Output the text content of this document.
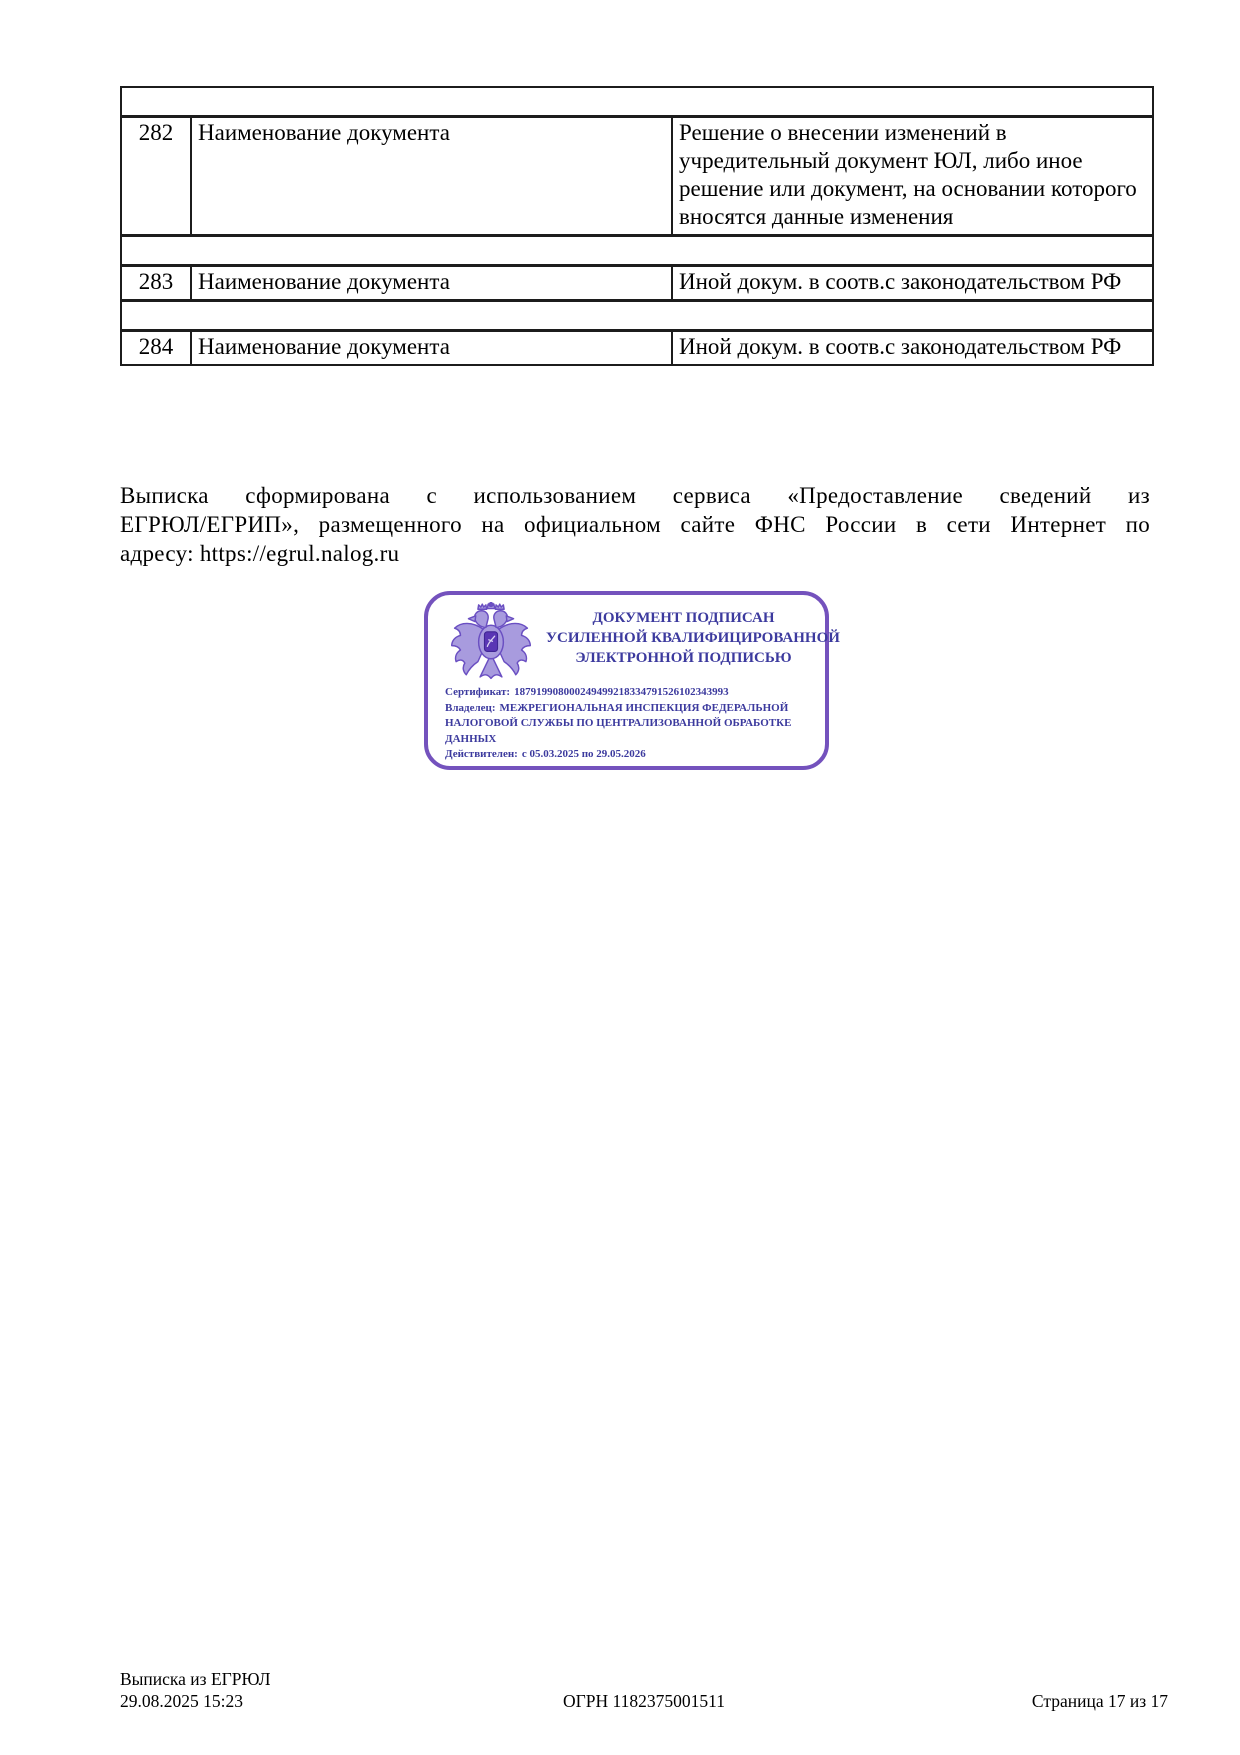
282	Наименование документа	Решение о внесении изменений в учредительный документ ЮЛ, либо иное решение или документ, на основании которого вносятся данные изменения

283	Наименование документа	Иной докум. в соотв.с законодательством РФ

284	Наименование документа	Иной докум. в соотв.с законодательством РФ
Выписка сформирована с использованием сервиса «Предоставление сведений из
ЕГРЮЛ/ЕГРИП», размещенного на официальном сайте ФНС России в сети Интернет по
адресу: https://egrul.nalog.ru
ДОКУМЕНТ ПОДПИСАН
УСИЛЕННОЙ КВАЛИФИЦИРОВАННОЙ
ЭЛЕКТРОННОЙ ПОДПИСЬЮ
Сертификат: 187919908000249499218334791526102343993
Владелец: МЕЖРЕГИОНАЛЬНАЯ ИНСПЕКЦИЯ ФЕДЕРАЛЬНОЙ НАЛОГОВОЙ СЛУЖБЫ ПО ЦЕНТРАЛИЗОВАННОЙ ОБРАБОТКЕ ДАННЫХ
Действителен: с 05.03.2025 по 29.05.2026
Выписка из ЕГРЮЛ
29.08.2025 15:23	ОГРН 1182375001511	Страница 17 из 17
